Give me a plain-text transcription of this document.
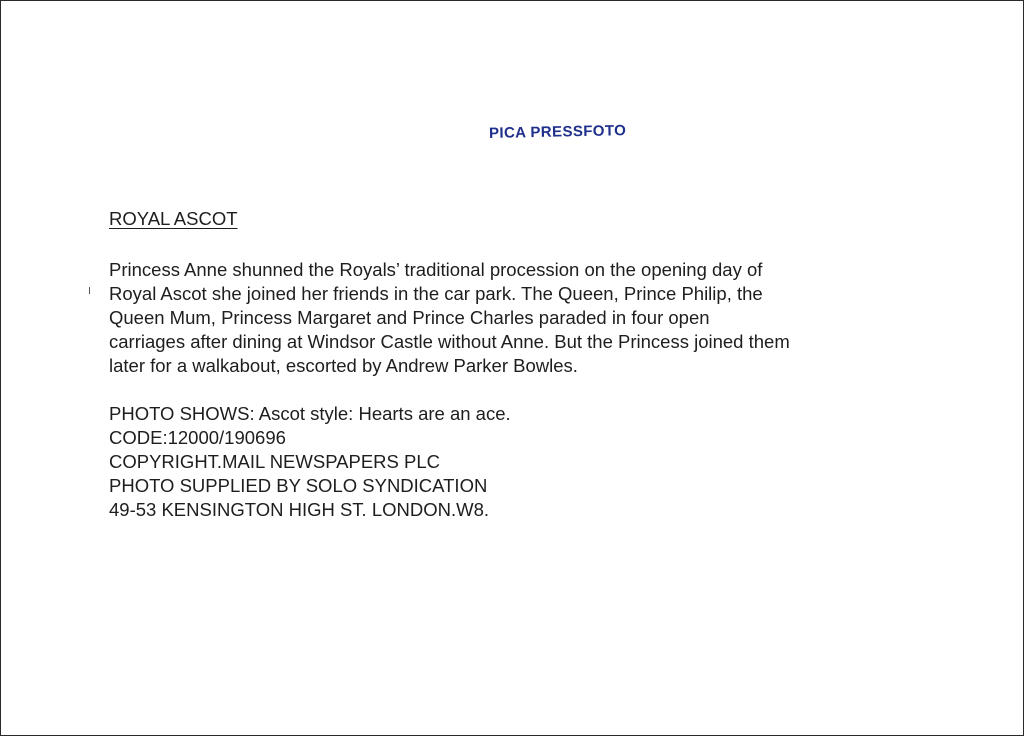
PICA PRESSFOTO
ROYAL ASCOT
Princess Anne shunned the Royals’ traditional procession on the opening day of
Royal Ascot she joined her friends in the car park. The Queen, Prince Philip, the
Queen Mum, Princess Margaret and Prince Charles paraded in four open
carriages after dining at Windsor Castle without Anne. But the Princess joined them
later for a walkabout, escorted by Andrew Parker Bowles.
PHOTO SHOWS: Ascot style: Hearts are an ace.
CODE:12000/190696
COPYRIGHT.MAIL NEWSPAPERS PLC
PHOTO SUPPLIED BY SOLO SYNDICATION
49-53 KENSINGTON HIGH ST. LONDON.W8.
